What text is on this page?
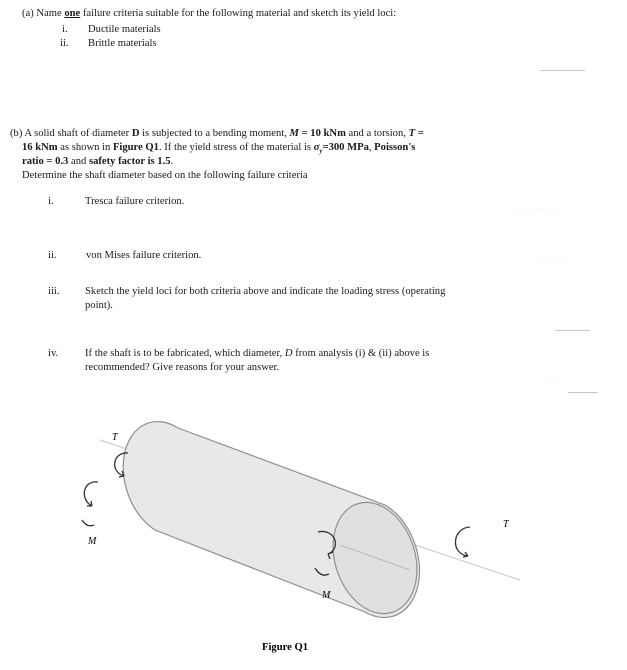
(a) Name one failure criteria suitable for the following material and sketch its yield loci:
i. Ductile materials
ii. Brittle materials
(b) A solid shaft of diameter D is subjected to a bending moment, M = 10 kNm and a torsion, T =
16 kNm as shown in Figure Q1. If the yield stress of the material is $\sigma_y=300$ MPa, Poisson's
ratio = 0.3 and safety factor is 1.5.
Determine the shaft diameter based on the following failure criteria
i.	Tresca failure criterion.
· · · · · ·
ii.	von Mises failure criterion.	· · · ·
iii. Sketch the yield loci for both criteria above and indicate the loading stress (operating
point).
iv.	If the shaft is to be fabricated, which diameter, D from analysis (i) & (ii) above is
recommended? Give reasons for your answer.
· ·
T
M
M
T
Figure Q1
